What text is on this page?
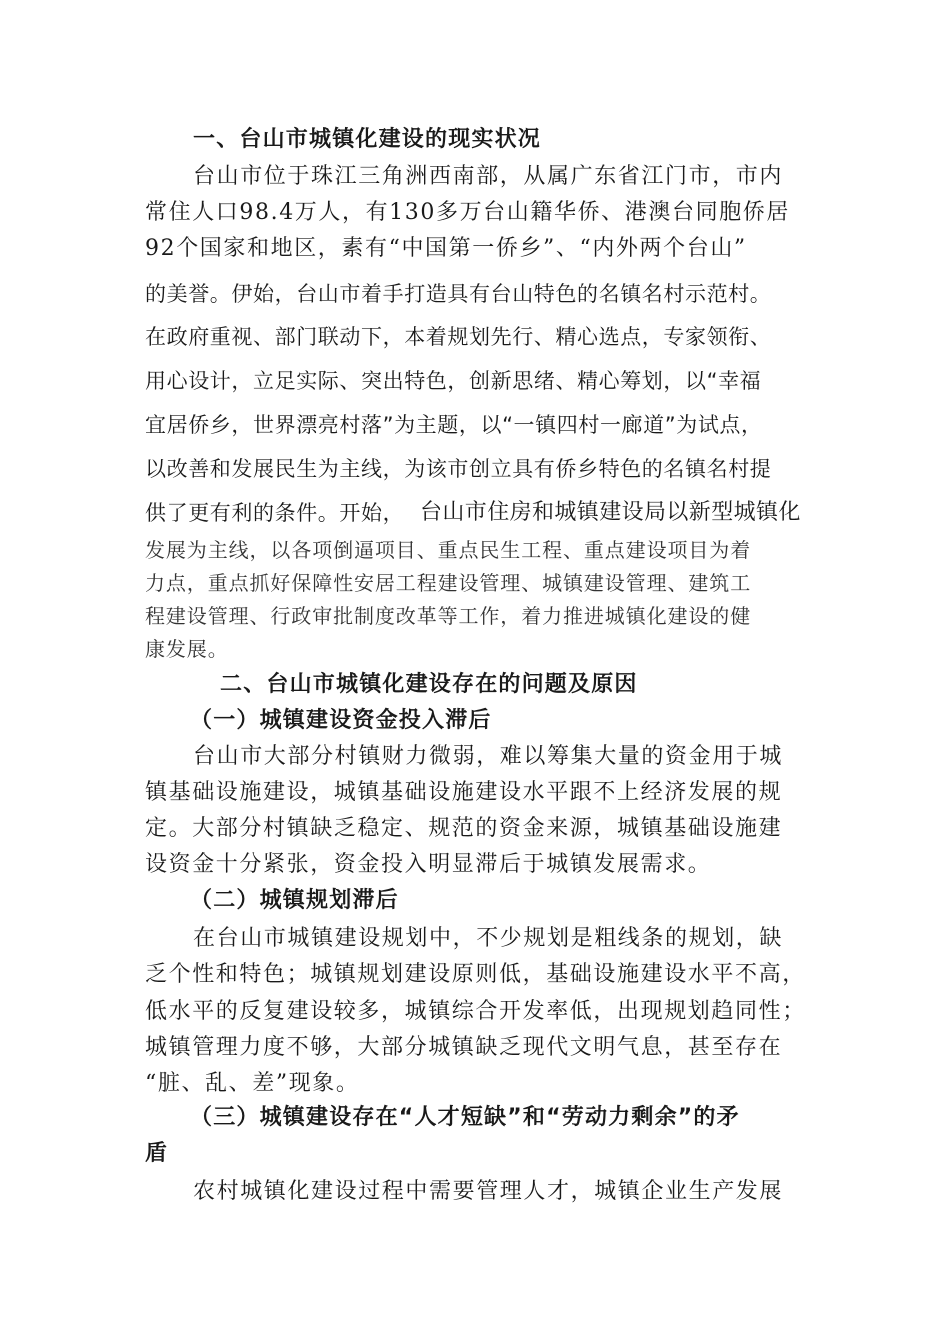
一、台山市城镇化建设的现实状况
台山市位于珠江三角洲西南部，从属广东省江门市，市内
常住人口98.4万人，有130多万台山籍华侨、港澳台同胞侨居
92个国家和地区，素有“中国第一侨乡”、“内外两个台山”
的美誉。伊始，台山市着手打造具有台山特色的名镇名村示范村。
在政府重视、部门联动下，本着规划先行、精心选点，专家领衔、
用心设计，立足实际、突出特色，创新思绪、精心筹划，以“幸福
宜居侨乡，世界漂亮村落”为主题，以“一镇四村一廊道”为试点，
以改善和发展民生为主线，为该市创立具有侨乡特色的名镇名村提
供了更有利的条件。开始， 台山市住房和城镇建设局以新型城镇化
发展为主线，以各项倒逼项目、重点民生工程、重点建设项目为着
力点，重点抓好保障性安居工程建设管理、城镇建设管理、建筑工
程建设管理、行政审批制度改革等工作，着力推进城镇化建设的健
康发展。
二、台山市城镇化建设存在的问题及原因
（一）城镇建设资金投入滞后
台山市大部分村镇财力微弱，难以筹集大量的资金用于城
镇基础设施建设，城镇基础设施建设水平跟不上经济发展的规
定。大部分村镇缺乏稳定、规范的资金来源，城镇基础设施建
设资金十分紧张，资金投入明显滞后于城镇发展需求。
（二）城镇规划滞后
在台山市城镇建设规划中，不少规划是粗线条的规划，缺
乏个性和特色；城镇规划建设原则低，基础设施建设水平不高，
低水平的反复建设较多，城镇综合开发率低，出现规划趋同性；
城镇管理力度不够，大部分城镇缺乏现代文明气息，甚至存在
“脏、乱、差”现象。
（三）城镇建设存在“人才短缺”和“劳动力剩余”的矛
盾
农村城镇化建设过程中需要管理人才，城镇企业生产发展
